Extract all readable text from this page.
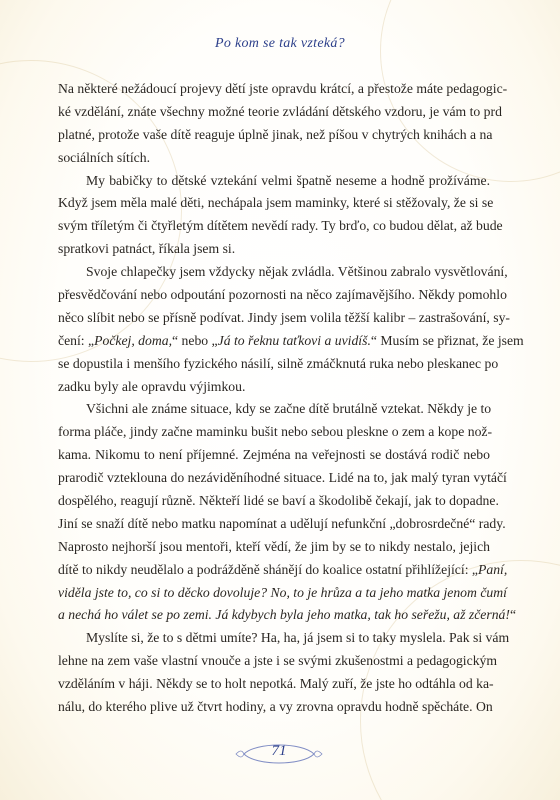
Po kom se tak vzteká?
Na některé nežádoucí projevy dětí jste opravdu krátcí, a přestože máte pedagogic-
ké vzdělání, znáte všechny možné teorie zvládání dětského vzdoru, je vám to prd
platné, protože vaše dítě reaguje úplně jinak, než píšou v chytrých knihách a na
sociálních sítích.
My babičky to dětské vztekání velmi špatně neseme a hodně prožíváme.
Když jsem měla malé děti, nechápala jsem maminky, které si stěžovaly, že si se
svým tříletým či čtyřletým dítětem nevědí rady. Ty brďo, co budou dělat, až bude
spratkovi patnáct, říkala jsem si.
Svoje chlapečky jsem vždycky nějak zvládla. Většinou zabralo vysvětlování,
přesvědčování nebo odpoutání pozornosti na něco zajímavějšího. Někdy pomohlo
něco slíbit nebo se přísně podívat. Jindy jsem volila těžší kalibr – zastrašování, sy-
čení: „Počkej, doma,“ nebo „Já to řeknu taťkovi a uvidíš.“ Musím se přiznat, že jsem
se dopustila i menšího fyzického násilí, silně zmáčknutá ruka nebo pleskanec po
zadku byly ale opravdu výjimkou.
Všichni ale známe situace, kdy se začne dítě brutálně vztekat. Někdy je to
forma pláče, jindy začne maminku bušit nebo sebou pleskne o zem a kope nož-
kama. Nikomu to není příjemné. Zejména na veřejnosti se dostává rodič nebo
prarodič vzteklouna do nezáviděníhodné situace. Lidé na to, jak malý tyran vytáčí
dospělého, reagují různě. Někteří lidé se baví a škodolibě čekají, jak to dopadne.
Jiní se snaží dítě nebo matku napomínat a udělují nefunkční „dobrosrdečné“ rady.
Naprosto nejhorší jsou mentoři, kteří vědí, že jim by se to nikdy nestalo, jejich
dítě to nikdy neudělalo a podrážděně shánějí do koalice ostatní přihlížející: „Paní,
viděla jste to, co si to děcko dovoluje? No, to je hrůza a ta jeho matka jenom čumí
a nechá ho válet se po zemi. Já kdybych byla jeho matka, tak ho seřežu, až zčerná!“
Myslíte si, že to s dětmi umíte? Ha, ha, já jsem si to taky myslela. Pak si vám
lehne na zem vaše vlastní vnouče a jste i se svými zkušenostmi a pedagogickým
vzděláním v háji. Někdy se to holt nepotká. Malý zuří, že jste ho odtáhla od ka-
nálu, do kterého plive už čtvrt hodiny, a vy zrovna opravdu hodně spěcháte. On
71
